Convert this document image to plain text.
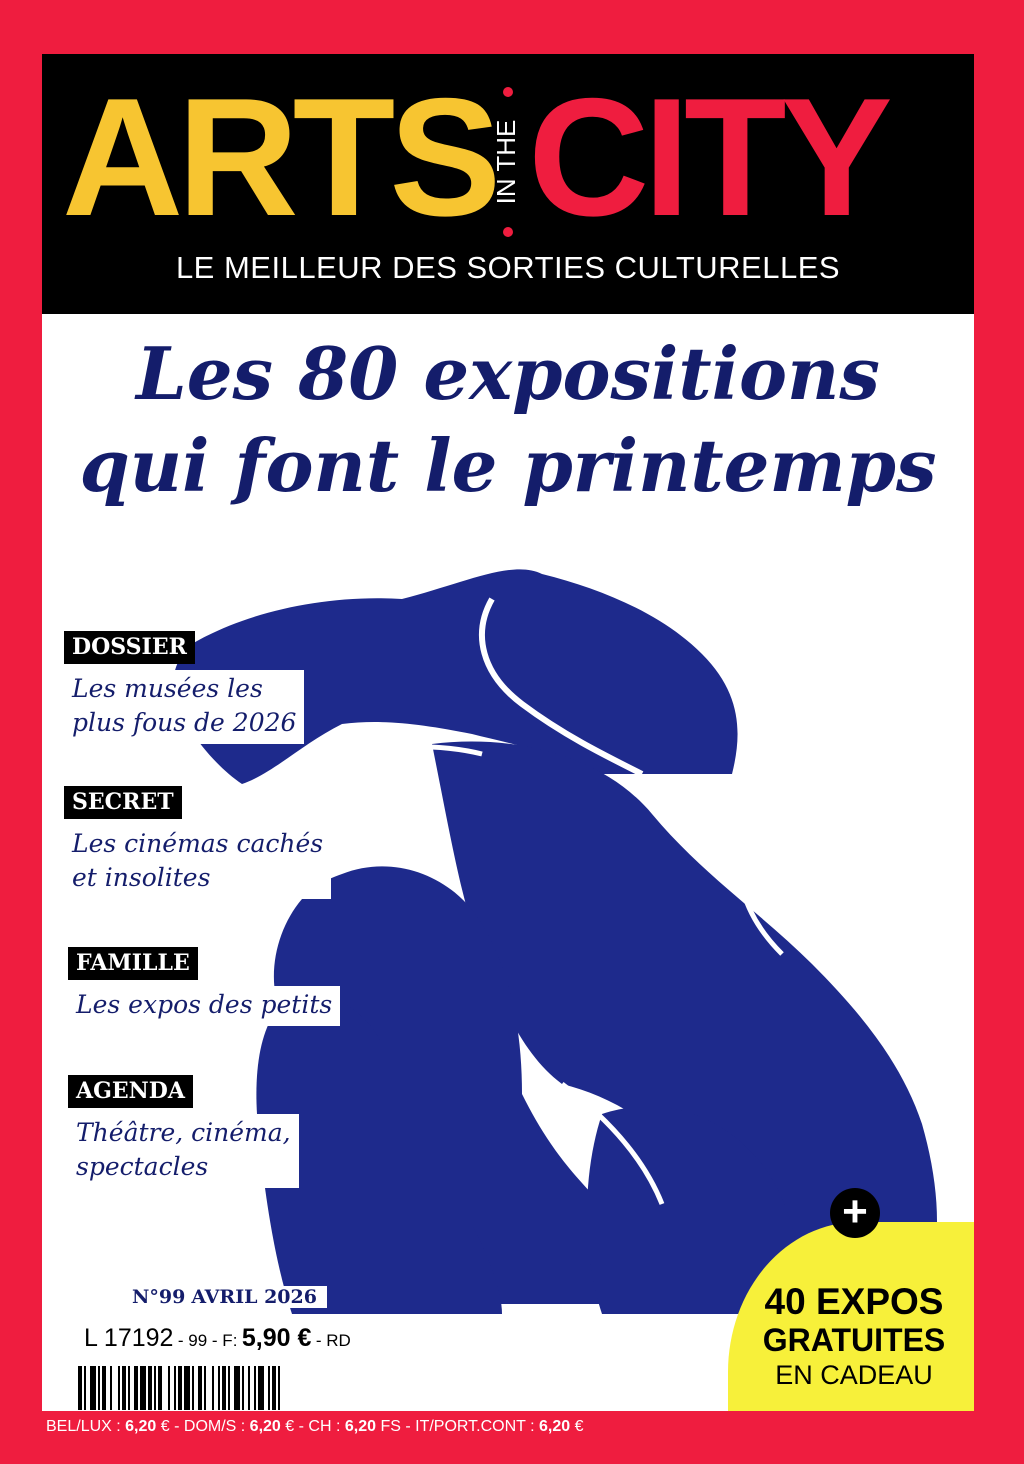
ARTS
IN THE CITY
LE MEILLEUR DES SORTIES CULTURELLES
Les 80 expositions
qui font le printemps
DOSSIER
Les musées les
plus fous de 2026
SECRET
Les cinémas cachés
et insolites
FAMILLE
Les expos des petits
AGENDA
Théâtre, cinéma,
spectacles
N°99 AVRIL 2026
L 17192 - 99 - F: 5,90 € - RD
+
40 EXPOS
GRATUITES
EN CADEAU
BEL/LUX : 6,20 € - DOM/S : 6,20 € - CH : 6,20 FS - IT/PORT.CONT : 6,20 €
